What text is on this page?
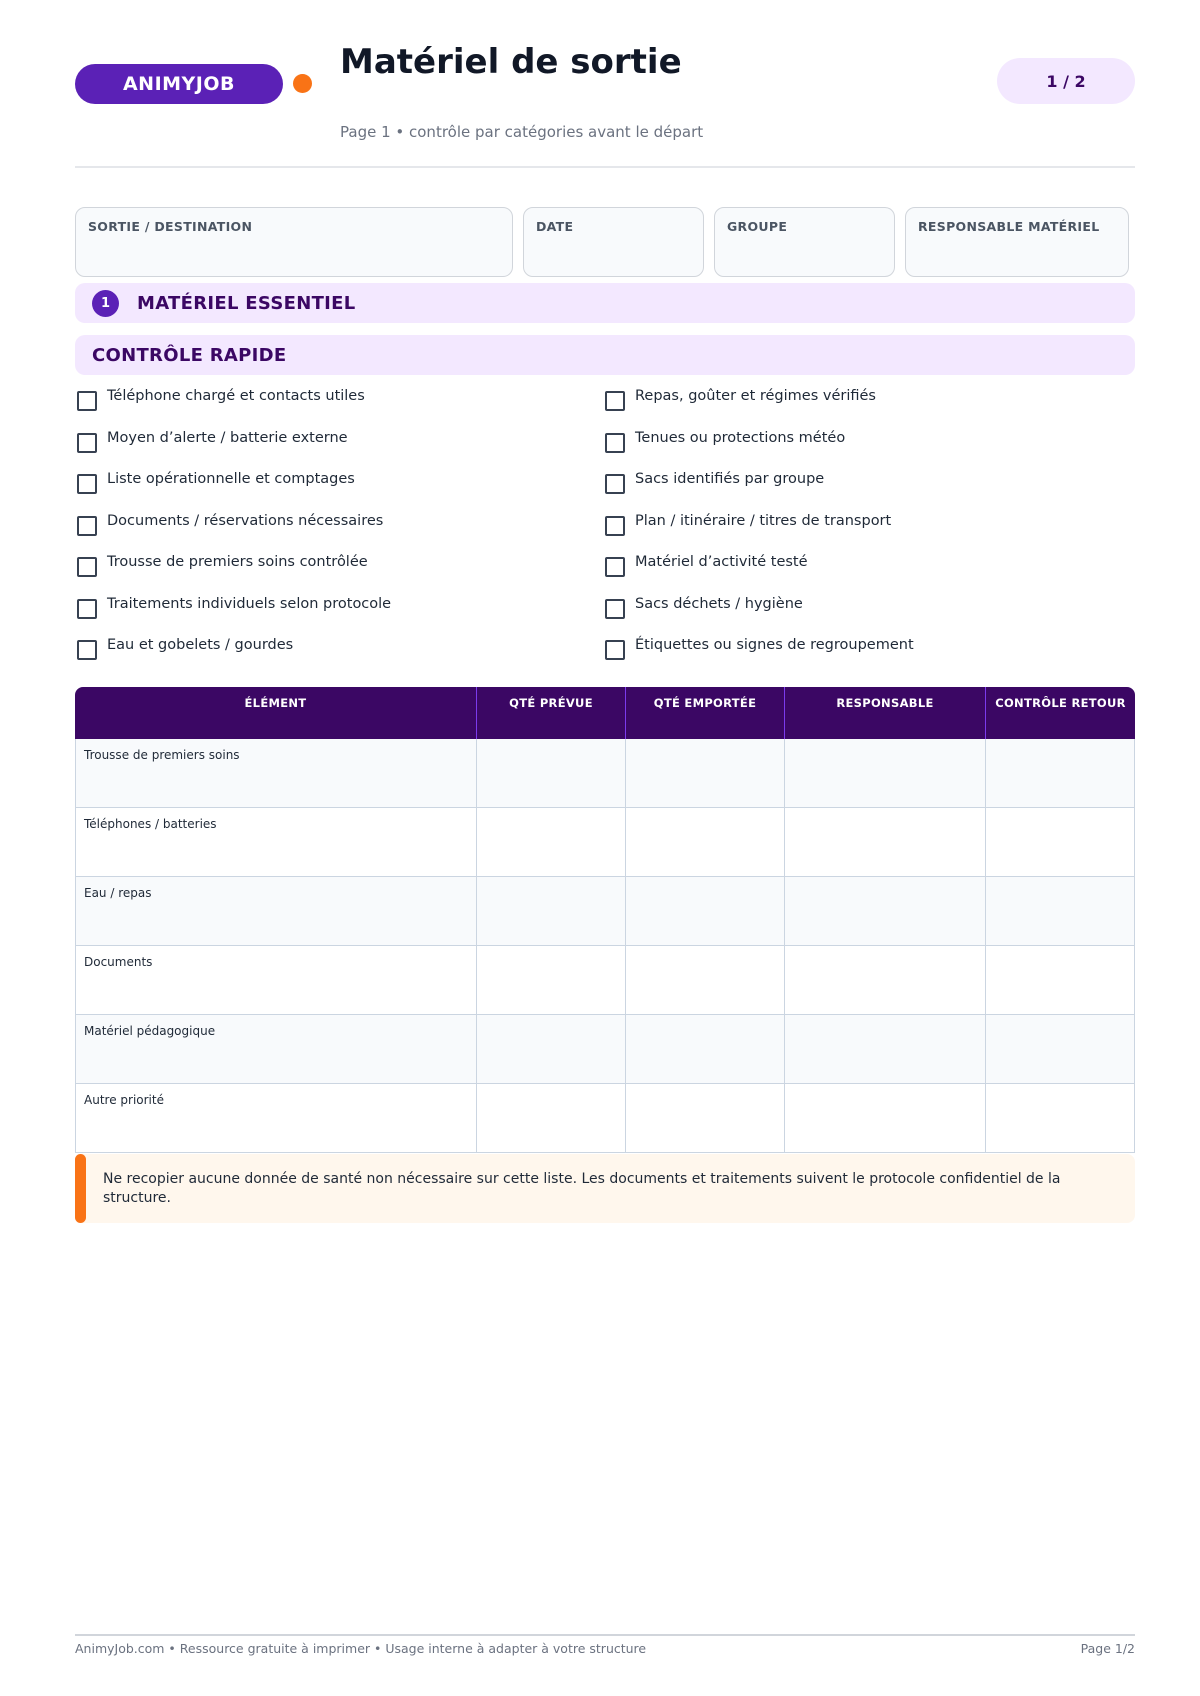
ANIMYJOB
Matériel de sortie
Page 1 • contrôle par catégories avant le départ
1 / 2
SORTIE / DESTINATION	DATE	GROUPE	RESPONSABLE MATÉRIEL
1	MATÉRIEL ESSENTIEL
CONTRÔLE RAPIDE
Téléphone chargé et contacts utiles
Moyen d’alerte / batterie externe
Liste opérationnelle et comptages
Documents / réservations nécessaires
Trousse de premiers soins contrôlée
Traitements individuels selon protocole
Eau et gobelets / gourdes
Repas, goûter et régimes vérifiés
Tenues ou protections météo
Sacs identifiés par groupe
Plan / itinéraire / titres de transport
Matériel d’activité testé
Sacs déchets / hygiène
Étiquettes ou signes de regroupement
ÉLÉMENT	QTÉ PRÉVUE	QTÉ EMPORTÉE	RESPONSABLE	CONTRÔLE RETOUR
Trousse de premiers soins				
Téléphones / batteries				
Eau / repas				
Documents				
Matériel pédagogique				
Autre priorité				
Ne recopier aucune donnée de santé non nécessaire sur cette liste. Les documents et traitements suivent le protocole confidentiel de la structure.
AnimyJob.com • Ressource gratuite à imprimer • Usage interne à adapter à votre structure	Page 1/2
